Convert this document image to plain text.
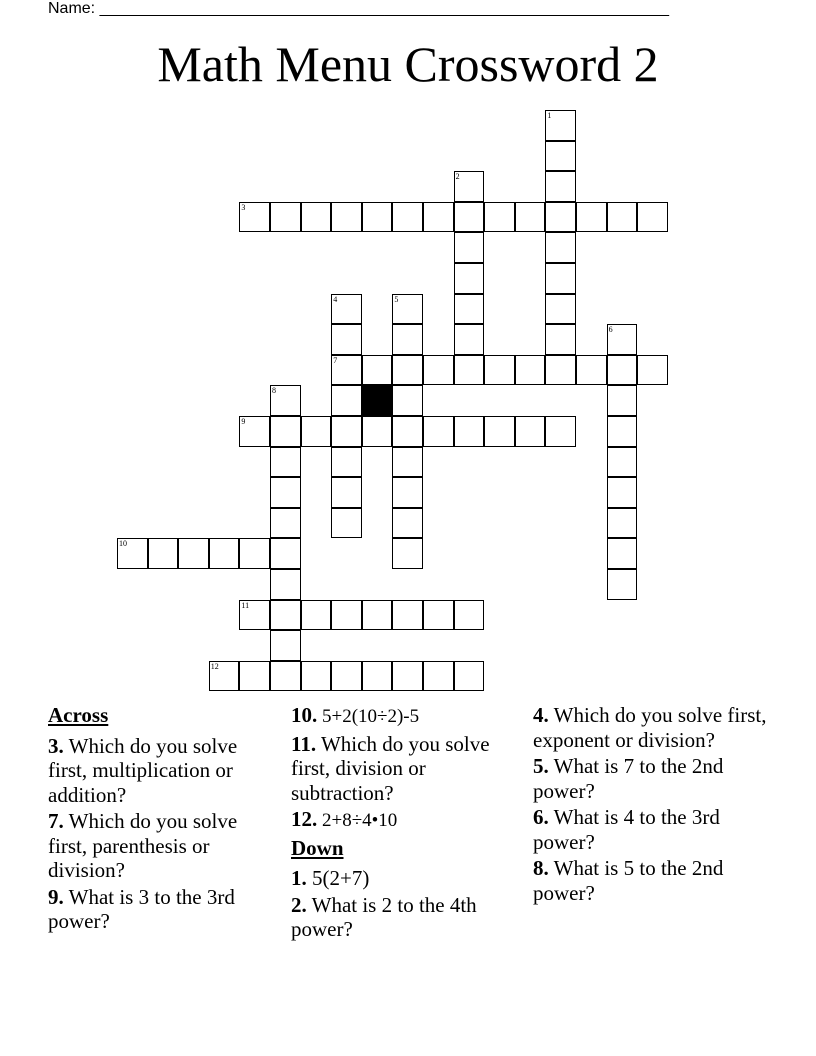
Name: ________________________________________________________________
Math Menu Crossword 2
1
2
3
4
7
5
6
8
9
10
11
12
Across
3. Which do you solve first, multiplication or addition?
7. Which do you solve first, parenthesis or division?
9. What is 3 to the 3rd power?
10. 5+2(10÷2)-5
11. Which do you solve first, division or subtraction?
12. 2+8÷4•10
Down
1. 5(2+7)
2. What is 2 to the 4th power?
4. Which do you solve first, exponent or division?
5. What is 7 to the 2nd power?
6. What is 4 to the 3rd power?
8. What is 5 to the 2nd power?
